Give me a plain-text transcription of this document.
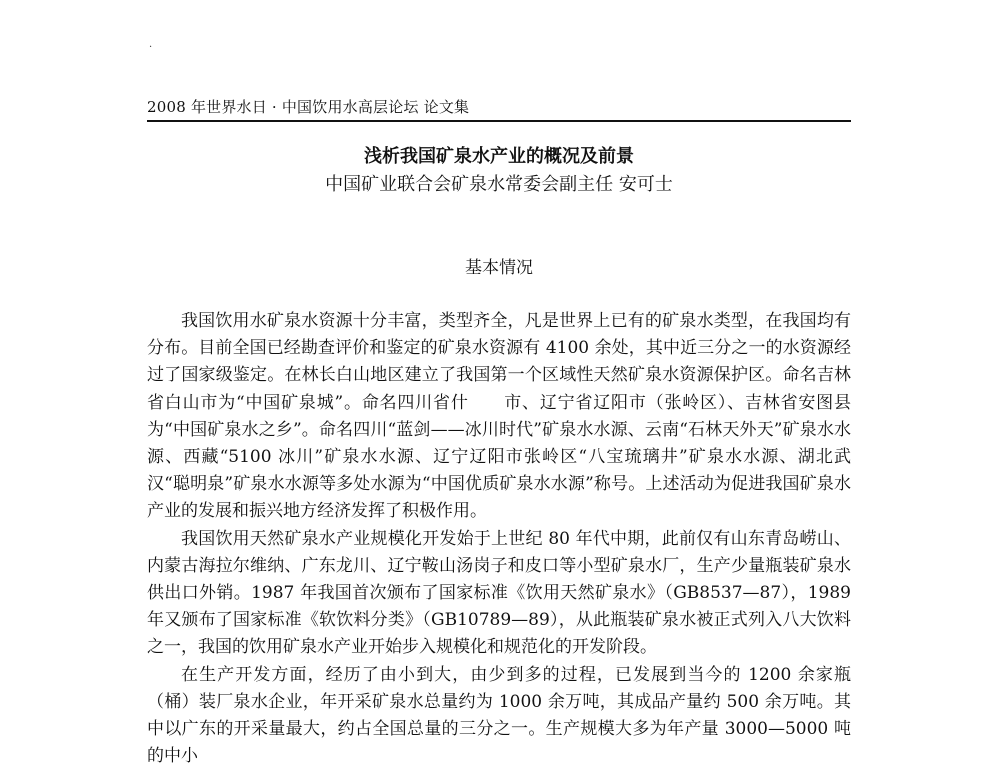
·
2008 年世界水日 · 中国饮用水高层论坛 论文集
浅析我国矿泉水产业的概况及前景
中国矿业联合会矿泉水常委会副主任 安可士
基本情况

我国饮用水矿泉水资源十分丰富，类型齐全，凡是世界上已有的矿泉水类型，在我国均有分布。目前全国已经勘查评价和鉴定的矿泉水资源有 4100 余处，其中近三分之一的水资源经过了国家级鉴定。在林长白山地区建立了我国第一个区域性天然矿泉水资源保护区。命名吉林省白山市为“中国矿泉城”。命名四川省什　　市、辽宁省辽阳市（张岭区）、吉林省安图县为“中国矿泉水之乡”。命名四川“蓝剑——冰川时代”矿泉水水源、云南“石林天外天”矿泉水水源、西藏“5100 冰川”矿泉水水源、辽宁辽阳市张岭区“八宝琉璃井”矿泉水水源、湖北武汉“聪明泉”矿泉水水源等多处水源为“中国优质矿泉水水源”称号。上述活动为促进我国矿泉水产业的发展和振兴地方经济发挥了积极作用。

我国饮用天然矿泉水产业规模化开发始于上世纪 80 年代中期，此前仅有山东青岛崂山、内蒙古海拉尔维纳、广东龙川、辽宁鞍山汤岗子和皮口等小型矿泉水厂，生产少量瓶装矿泉水供出口外销。1987 年我国首次颁布了国家标准《饮用天然矿泉水》（GB8537—87），1989 年又颁布了国家标准《软饮料分类》（GB10789—89），从此瓶装矿泉水被正式列入八大饮料之一，我国的饮用矿泉水产业开始步入规模化和规范化的开发阶段。

在生产开发方面，经历了由小到大，由少到多的过程，已发展到当今的 1200 余家瓶（桶）装厂泉水企业，年开采矿泉水总量约为 1000 余万吨，其成品产量约 500 余万吨。其中以广东的开采量最大，约占全国总量的三分之一。生产规模大多为年产量 3000—5000 吨的中小
